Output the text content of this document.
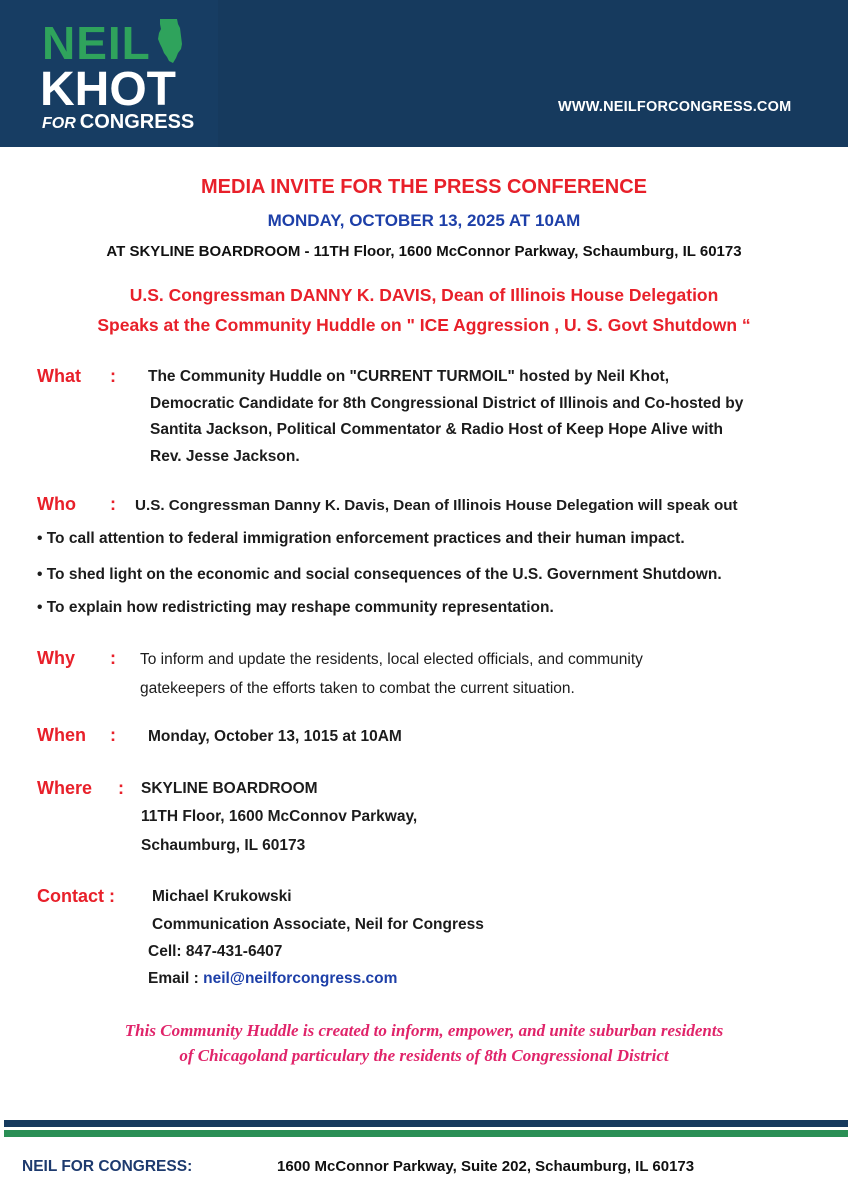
NEIL
KHOT
FOR CONGRESS
WWW.NEILFORCONGRESS.COM
MEDIA INVITE FOR THE PRESS CONFERENCE
MONDAY, OCTOBER 13, 2025 AT 10AM
AT SKYLINE BOARDROOM - 11TH Floor, 1600 McConnor Parkway, Schaumburg, IL 60173
U.S. Congressman DANNY K. DAVIS, Dean of Illinois House Delegation
Speaks at the Community Huddle on " ICE Aggression , U. S. Govt Shutdown “
What : The Community Huddle on "CURRENT TURMOIL" hosted by Neil Khot,
Democratic Candidate for 8th Congressional District of Illinois and Co-hosted by
Santita Jackson, Political Commentator & Radio Host of Keep Hope Alive with
Rev. Jesse Jackson.
Who : U.S. Congressman Danny K. Davis, Dean of Illinois House Delegation will speak out
• To call attention to federal immigration enforcement practices and their human impact.
• To shed light on the economic and social consequences of the U.S. Government Shutdown.
• To explain how redistricting may reshape community representation.
Why : To inform and update the residents, local elected officials, and community
gatekeepers of the efforts taken to combat the current situation.
When : Monday, October 13, 1015 at 10AM
Where : SKYLINE BOARDROOM
11TH Floor, 1600 McConnov Parkway,
Schaumburg, IL 60173
Contact : Michael Krukowski
Communication Associate, Neil for Congress
Cell: 847-431-6407
Email : neil@neilforcongress.com
This Community Huddle is created to inform, empower, and unite suburban residents
of Chicagoland particulary the residents of 8th Congressional District
NEIL FOR CONGRESS:	1600 McConnor Parkway, Suite 202, Schaumburg, IL 60173
